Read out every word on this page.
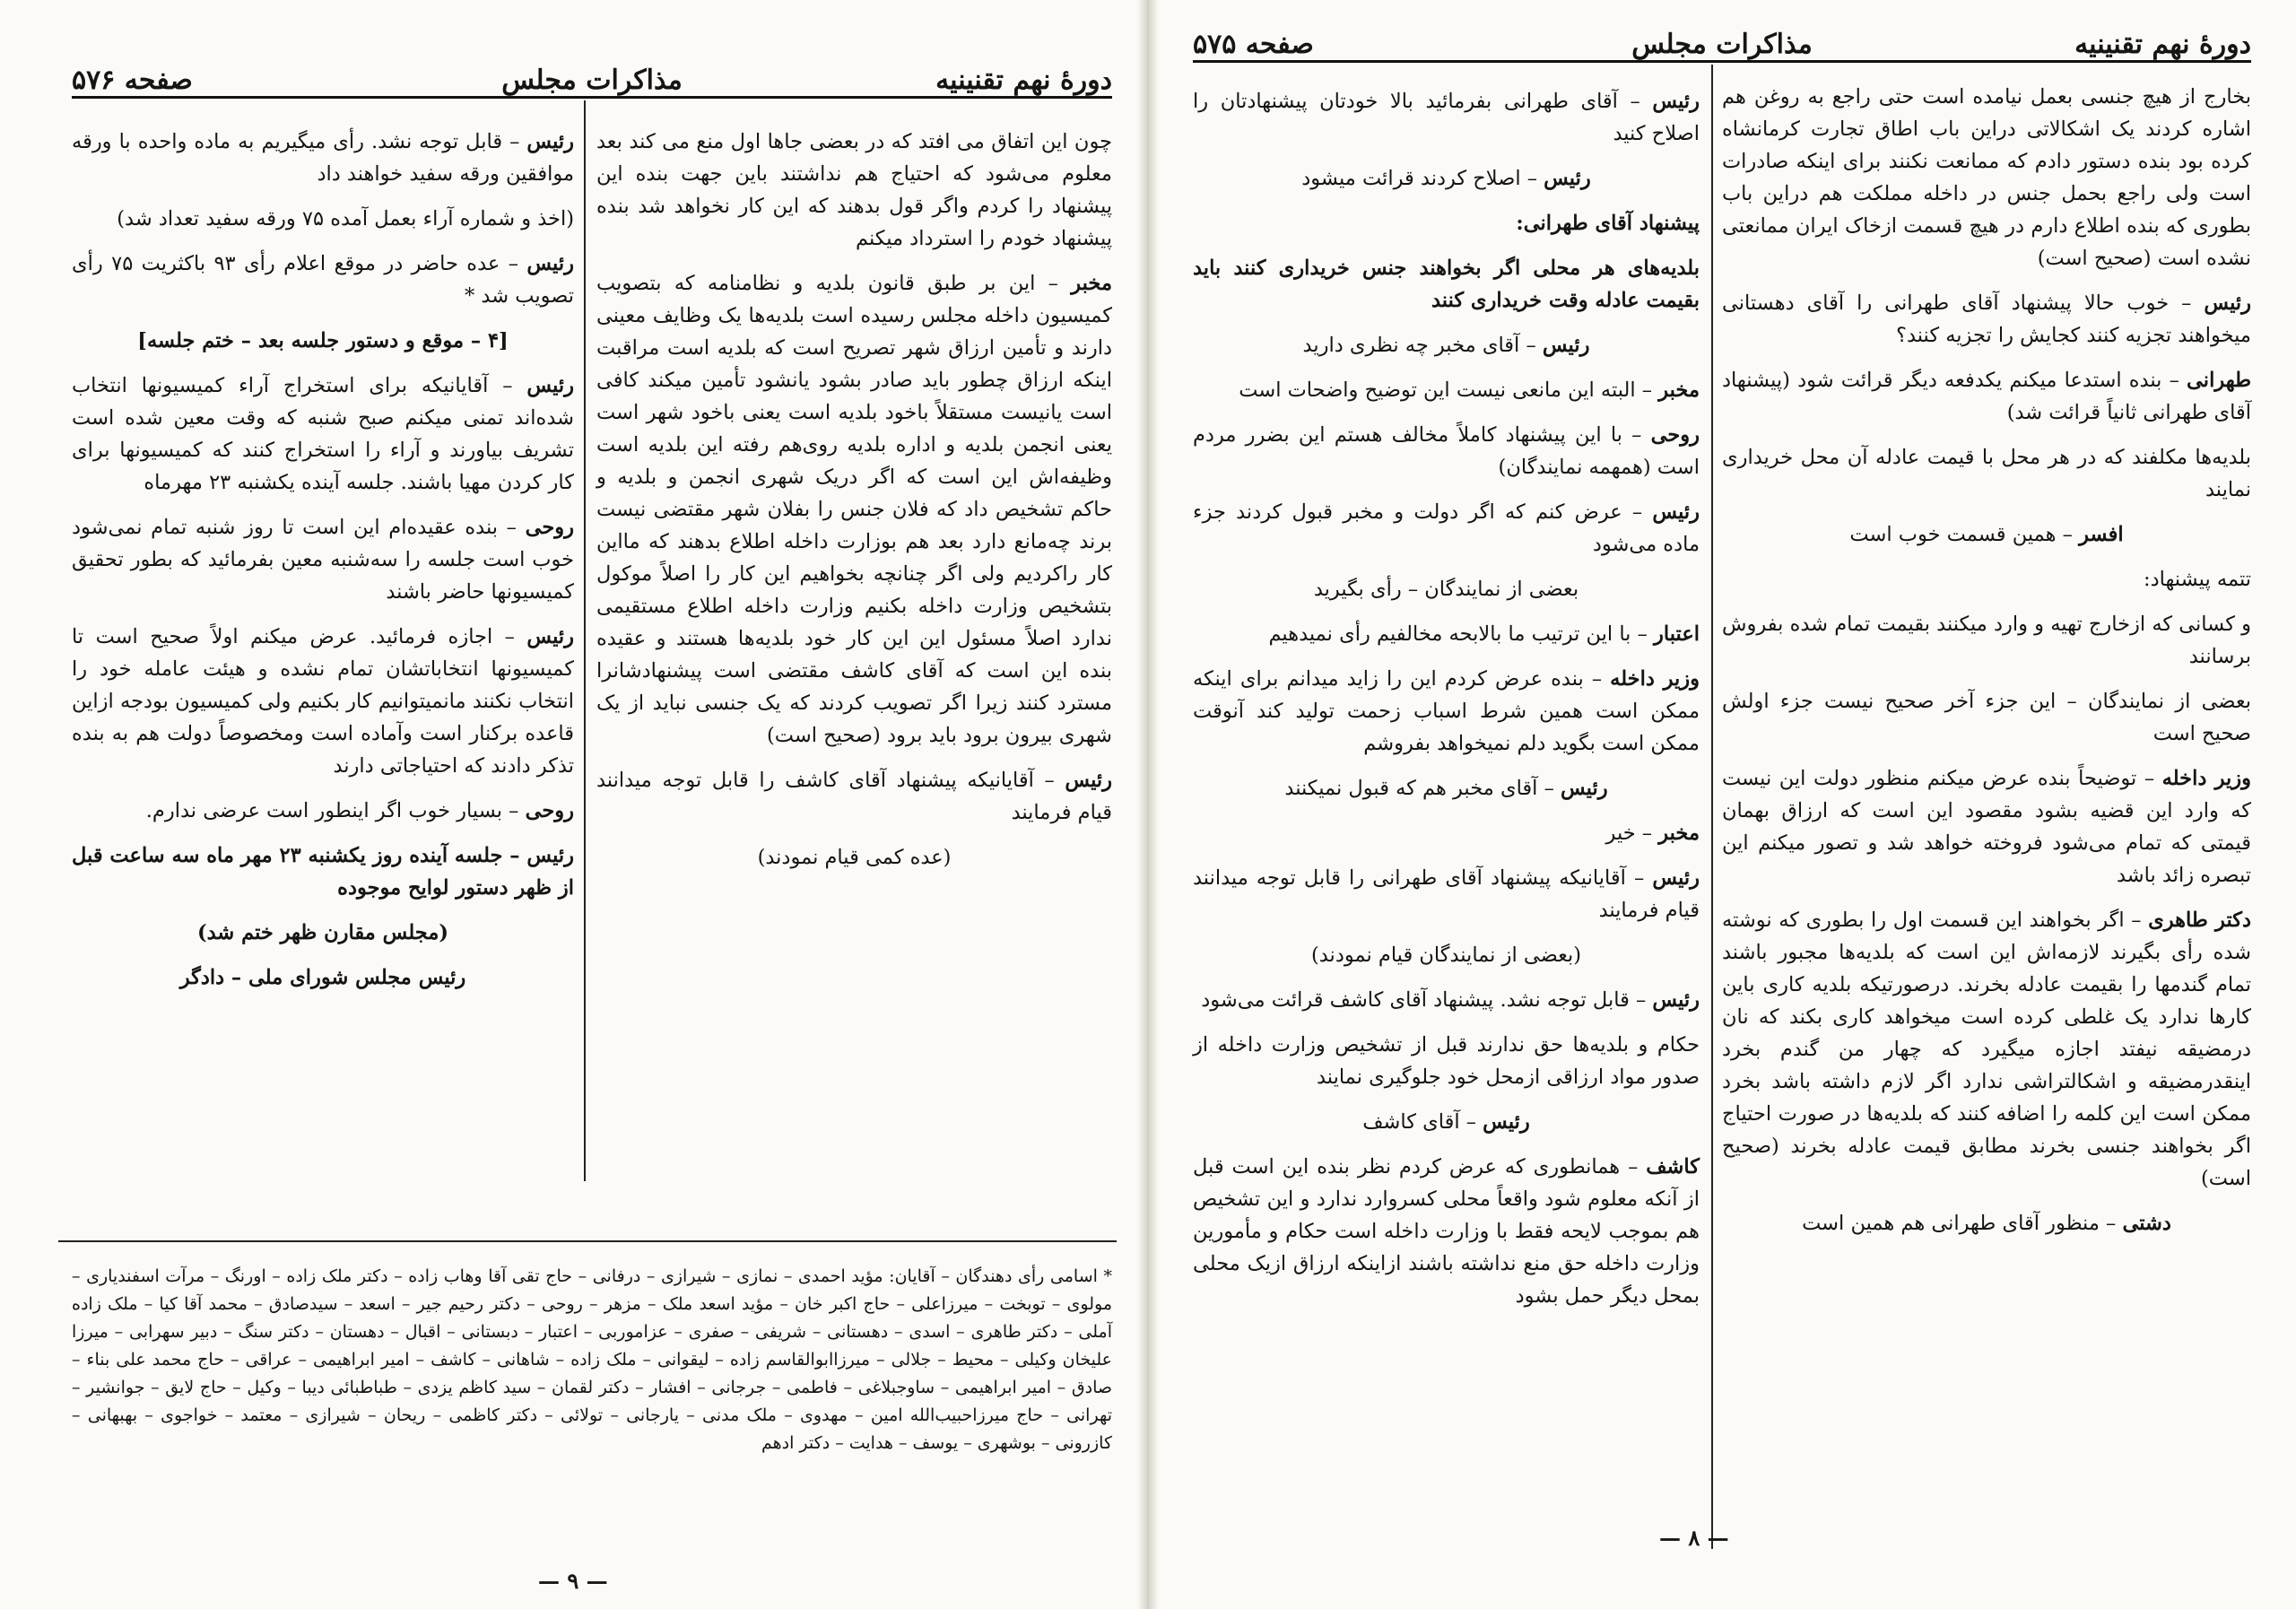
دورهٔ نهم تقنینیه
مذاکرات مجلس
صفحه ۵۷۶

چون این اتفاق می افتد که در بعضی جاها اول منع می کند بعد معلوم می‌شود که احتیاج هم نداشتند باین جهت بنده این پیشنهاد را کردم واگر قول بدهند که این کار نخواهد شد بنده پیشنهاد خودم را استرداد میکنم

مخبر – این بر طبق قانون بلدیه و نظامنامه که بتصویب کمیسیون داخله مجلس رسیده است بلدیه‌ها یک وظایف معینی دارند و تأمین ارزاق شهر تصریح است که بلدیه است مراقبت اینکه ارزاق چطور باید صادر بشود یانشود تأمین میکند کافی است یانیست مستقلاً باخود بلدیه است یعنی باخود شهر است یعنی انجمن بلدیه و اداره بلدیه روی‌هم رفته این بلدیه است وظیفه‌اش این است که اگر دریک شهری انجمن و بلدیه و حاکم تشخیص داد که فلان جنس را بفلان شهر مقتضی نیست برند چه‌مانع دارد بعد هم بوزارت داخله اطلاع بدهند که مااین کار راکردیم ولی اگر چنانچه بخواهیم این کار را اصلاً موکول بتشخیص وزارت داخله بکنیم وزارت داخله اطلاع مستقیمی ندارد اصلاً مسئول این این کار خود بلدیه‌ها هستند و عقیده بنده این است که آقای کاشف مقتضی است پیشنهادشانرا مسترد کنند زیرا اگر تصویب کردند که یک جنسی نباید از یک شهری بیرون برود باید برود (صحیح است)

رئیس – آقایانیکه پیشنهاد آقای کاشف را قابل توجه میدانند قیام فرمایند

(عده کمی قیام نمودند)

رئیس – قابل توجه نشد. رأی میگیریم به ماده واحده با ورقه موافقین ورقه سفید خواهند داد

(اخذ و شماره آراء بعمل آمده ۷۵ ورقه سفید تعداد شد)

رئیس – عده حاضر در موقع اعلام رأی ۹۳ باکثریت ۷۵ رأی تصویب شد *

[۴ – موقع و دستور جلسه بعد – ختم جلسه]

رئیس – آقایانیکه برای استخراج آراء کمیسیونها انتخاب شده‌اند تمنی میکنم صبح شنبه که وقت معین شده است تشریف بیاورند و آراء را استخراج کنند که کمیسیونها برای کار کردن مهیا باشند. جلسه آینده یکشنبه ۲۳ مهرماه

روحی – بنده عقیده‌ام این است تا روز شنبه تمام نمی‌شود خوب است جلسه را سه‌شنبه معین بفرمائید که بطور تحقیق کمیسیونها حاضر باشند

رئیس – اجازه فرمائید. عرض میکنم اولاً صحیح است تا کمیسیونها انتخاباتشان تمام نشده و هیئت عامله خود را انتخاب نکنند مانمیتوانیم کار بکنیم ولی کمیسیون بودجه ازاین قاعده برکنار است وآماده است ومخصوصاً دولت هم به بنده تذکر دادند که احتیاجاتی دارند

روحی – بسیار خوب اگر اینطور است عرضی ندارم.

رئیس – جلسه آینده روز یکشنبه ۲۳ مهر ماه سه ساعت قبل از ظهر دستور لوایح موجوده

(مجلس مقارن ظهر ختم شد)

رئیس مجلس شورای ملی – دادگر

* اسامی رأی دهندگان – آقایان: مؤید احمدی – نمازی – شیرازی – درفانی – حاج تقی آقا وهاب زاده – دکتر ملک زاده – اورنگ – مرآت اسفندیاری – مولوی – توبخت – میرزاعلی – حاج اکبر خان – مؤید اسعد ملک – مزهر – روحی – دکتر رحیم جیر – اسعد – سیدصادق – محمد آقا کیا – ملک زاده آملی – دکتر طاهری – اسدی – دهستانی – شریفی – صفری – عزاموربی – اعتبار – دبستانی – اقبال – دهستان – دکتر سنگ – دبیر سهرابی – میرزا علیخان وکیلی – محیط – جلالی – میرزاابوالقاسم زاده – لیقوانی – ملک زاده – شاهانی – کاشف – امیر ابراهیمی – عراقی – حاج محمد علی بناء – صادق – امیر ابراهیمی – ساوجبلاغی – فاطمی – جرجانی – افشار – دکتر لقمان – سید کاظم یزدی – طباطبائی دیبا – وکیل – حاج لایق – جوانشیر – تهرانی – حاج میرزاحبیب‌الله امین – مهدوی – ملک مدنی – یارجانی – تولائی – دکتر کاظمی – ریحان – شیرازی – معتمد – خواجوی – بهبهانی – کازرونی – بوشهری – یوسف – هدایت – دکتر ادهم
— ۹ —
دورهٔ نهم تقنینیه
مذاکرات مجلس
صفحه ۵۷۵

بخارج از هیچ جنسی بعمل نیامده است حتی راجع به روغن هم اشاره کردند یک اشکالاتی دراین باب اطاق تجارت کرمانشاه کرده بود بنده دستور دادم که ممانعت نکنند برای اینکه صادرات است ولی راجع بحمل جنس در داخله مملکت هم دراین باب بطوری که بنده اطلاع دارم در هیچ قسمت ازخاک ایران ممانعتی نشده است (صحیح است)

رئیس – خوب حالا پیشنهاد آقای طهرانی را آقای دهستانی میخواهند تجزیه کنند کجایش را تجزیه کنند؟

طهرانی – بنده استدعا میکنم یکدفعه دیگر قرائت شود (پیشنهاد آقای طهرانی ثانیاً قرائت شد)

بلدیه‌ها مکلفند که در هر محل با قیمت عادله آن محل خریداری نمایند

افسر – همین قسمت خوب است

تتمه پیشنهاد:

و کسانی که ازخارج تهیه و وارد میکنند بقیمت تمام شده بفروش برسانند

بعضی از نمایندگان – این جزء آخر صحیح نیست جزء اولش صحیح است

وزیر داخله – توضیحاً بنده عرض میکنم منظور دولت این نیست که وارد این قضیه بشود مقصود این است که ارزاق بهمان قیمتی که تمام می‌شود فروخته خواهد شد و تصور میکنم این تبصره زائد باشد

دکتر طاهری – اگر بخواهند این قسمت اول را بطوری که نوشته شده رأی بگیرند لازمه‌اش این است که بلدیه‌ها مجبور باشند تمام گندمها را بقیمت عادله بخرند. درصورتیکه بلدیه کاری باین کارها ندارد یک غلطی کرده است میخواهد کاری بکند که نان درمضیقه نیفتد اجازه میگیرد که چهار من گندم بخرد اینقدرمضیقه و اشکالتراشی ندارد اگر لازم داشته باشد بخرد ممکن است این کلمه را اضافه کنند که بلدیه‌ها در صورت احتیاج اگر بخواهند جنسی بخرند مطابق قیمت عادله بخرند (صحیح است)

دشتی – منظور آقای طهرانی هم همین است

رئیس – آقای طهرانی بفرمائید بالا خودتان پیشنهادتان را اصلاح کنید

رئیس – اصلاح کردند قرائت میشود

پیشنهاد آقای طهرانی:

بلدیه‌های هر محلی اگر بخواهند جنس خریداری کنند باید بقیمت عادله وقت خریداری کنند

رئیس – آقای مخبر چه نظری دارید

مخبر – البته این مانعی نیست این توضیح واضحات است

روحی – با این پیشنهاد کاملاً مخالف هستم این بضرر مردم است (همهمه نمایندگان)

رئیس – عرض کنم که اگر دولت و مخبر قبول کردند جزء ماده می‌شود

بعضی از نمایندگان – رأی بگیرید

اعتبار – با این ترتیب ما بالابحه مخالفیم رأی نمیدهیم

وزیر داخله – بنده عرض کردم این را زاید میدانم برای اینکه ممکن است همین شرط اسباب زحمت تولید کند آنوقت ممکن است بگوید دلم نمیخواهد بفروشم

رئیس – آقای مخبر هم که قبول نمیکنند

مخبر – خیر

رئیس – آقایانیکه پیشنهاد آقای طهرانی را قابل توجه میدانند قیام فرمایند

(بعضی از نمایندگان قیام نمودند)

رئیس – قابل توجه نشد. پیشنهاد آقای کاشف قرائت می‌شود

حکام و بلدیه‌ها حق ندارند قبل از تشخیص وزارت داخله از صدور مواد ارزاقی ازمحل خود جلوگیری نمایند

رئیس – آقای کاشف

کاشف – همانطوری که عرض کردم نظر بنده این است قبل از آنکه معلوم شود واقعاً محلی کسروارد ندارد و این تشخیص هم بموجب لایحه فقط با وزارت داخله است حکام و مأمورین وزارت داخله حق منع نداشته باشند ازاینکه ارزاق ازیک محلی بمحل دیگر حمل بشود

— ۸ —
